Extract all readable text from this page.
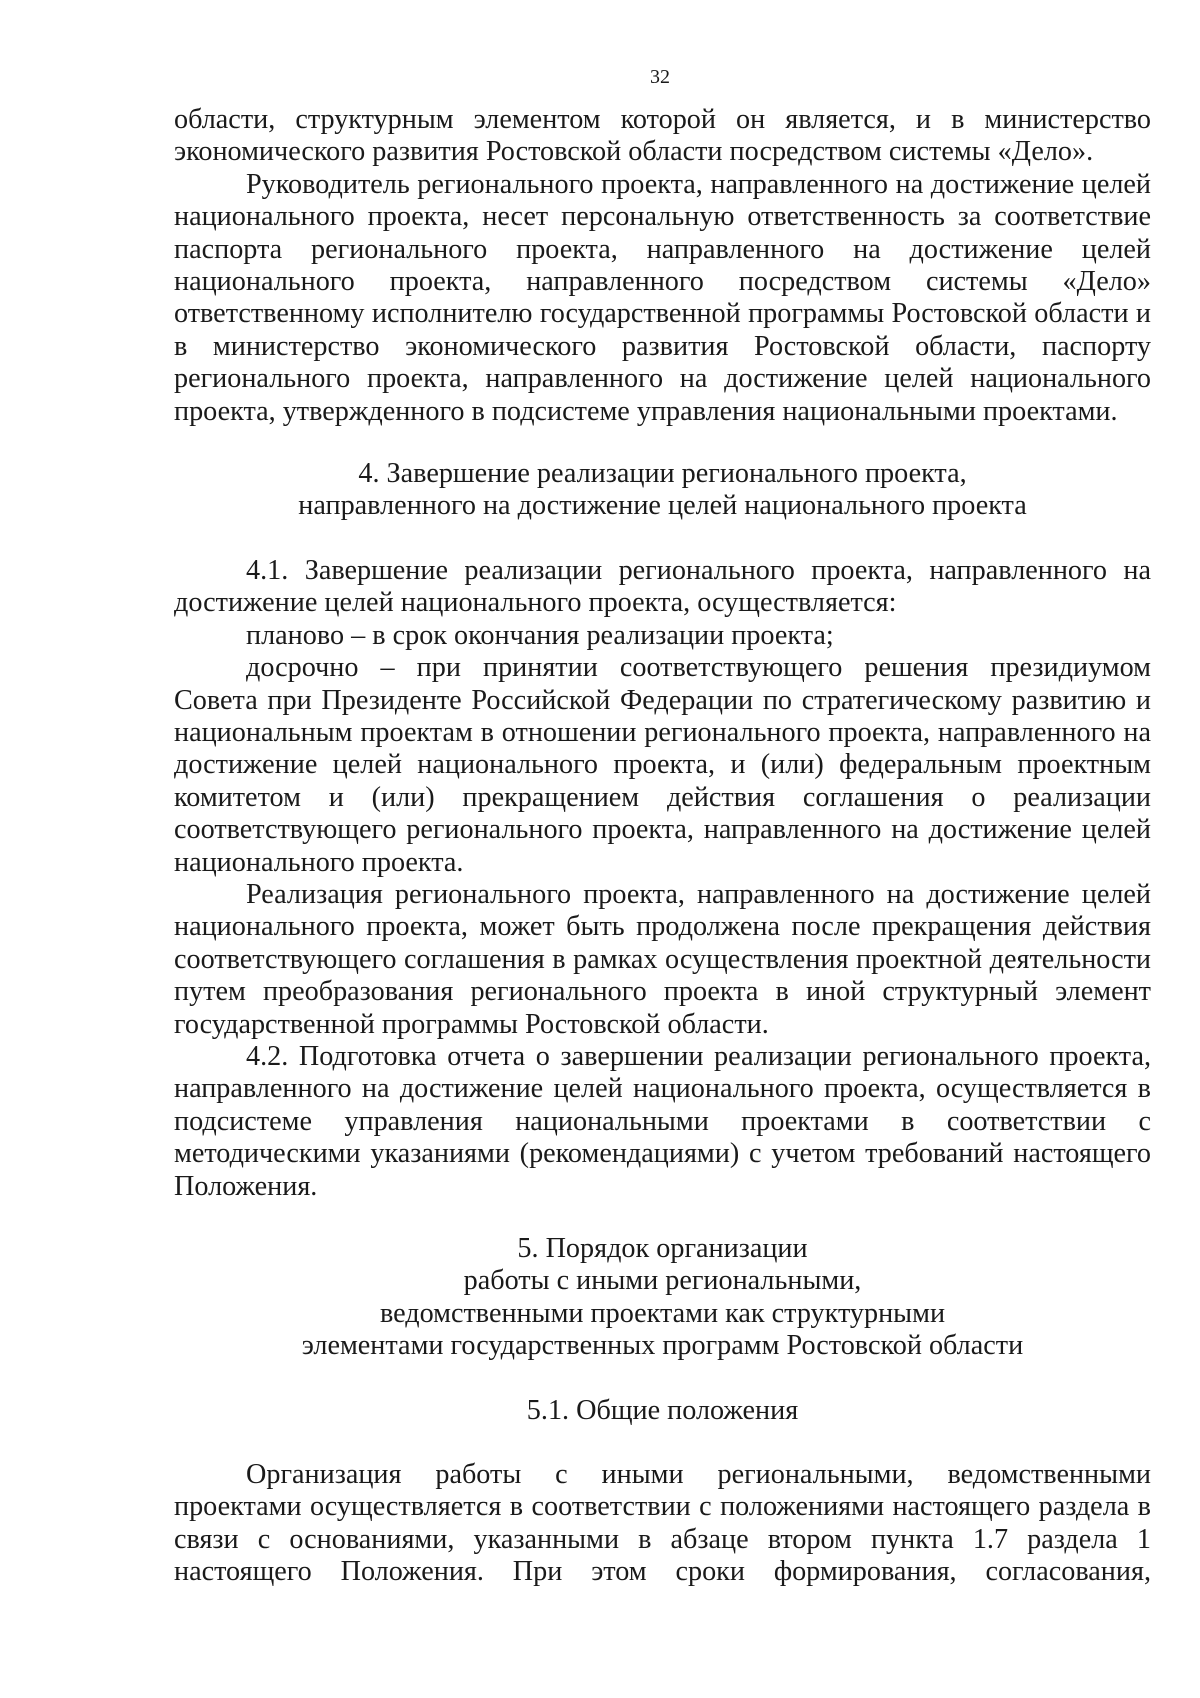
32

области, структурным элементом которой он является, и в министерство экономического развития Ростовской области посредством системы «Дело».

Руководитель регионального проекта, направленного на достижение целей национального проекта, несет персональную ответственность за соответствие паспорта регионального проекта, направленного на достижение целей национального проекта, направленного посредством системы «Дело» ответственному исполнителю государственной программы Ростовской области и в министерство экономического развития Ростовской области, паспорту регионального проекта, направленного на достижение целей национального проекта, утвержденного в подсистеме управления национальными проектами.

4. Завершение реализации регионального проекта,

направленного на достижение целей национального проекта

4.1. Завершение реализации регионального проекта, направленного на достижение целей национального проекта, осуществляется:

планово – в срок окончания реализации проекта;

досрочно – при принятии соответствующего решения президиумом Совета при Президенте Российской Федерации по стратегическому развитию и национальным проектам в отношении регионального проекта, направленного на достижение целей национального проекта, и (или) федеральным проектным комитетом и (или) прекращением действия соглашения о реализации соответствующего регионального проекта, направленного на достижение целей национального проекта.

Реализация регионального проекта, направленного на достижение целей национального проекта, может быть продолжена после прекращения действия соответствующего соглашения в рамках осуществления проектной деятельности путем преобразования регионального проекта в иной структурный элемент государственной программы Ростовской области.

4.2. Подготовка отчета о завершении реализации регионального проекта, направленного на достижение целей национального проекта, осуществляется в подсистеме управления национальными проектами в соответствии с методическими указаниями (рекомендациями) с учетом требований настоящего Положения.

5. Порядок организации

работы с иными региональными,

ведомственными проектами как структурными

элементами государственных программ Ростовской области

5.1. Общие положения

Организация работы с иными региональными, ведомственными проектами осуществляется в соответствии с положениями настоящего раздела в связи с основаниями, указанными в абзаце втором пункта 1.7 раздела 1 настоящего Положения. При этом сроки формирования, согласования,
